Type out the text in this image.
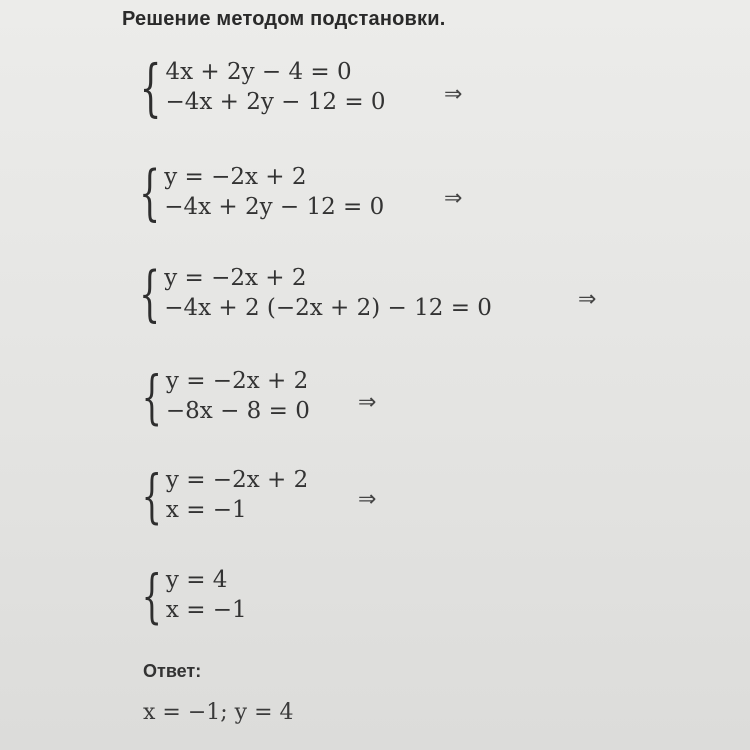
Решение методом подстановки.
{ 4x + 2y − 4 = 0
−4x + 2y − 12 = 0	⇒
{ y = −2x + 2
−4x + 2y − 12 = 0	⇒
{ y = −2x + 2
−4x + 2 (−2x + 2) − 12 = 0	⇒
{ y = −2x + 2
−8x − 8 = 0 ⇒
{ y = −2x + 2
x = −1	⇒
{ y = 4
x = −1
Ответ:
x = −1; y = 4
